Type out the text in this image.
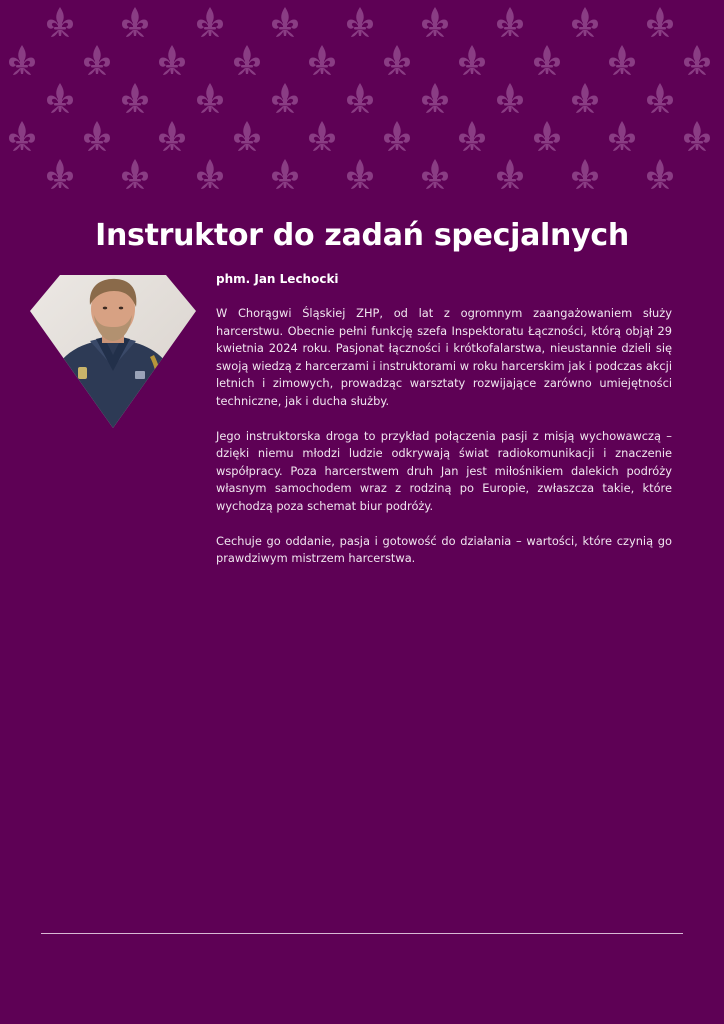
Instruktor do zadań specjalnych
phm. Jan Lechocki

W Chorągwi Śląskiej ZHP, od lat z ogromnym zaangażowaniem służy harcerstwu. Obecnie pełni funkcję szefa Inspektoratu Łączności, którą objął 29 kwietnia 2024 roku. Pasjonat łączności i krótkofalarstwa, nieustannie dzieli się swoją wiedzą z harcerzami i instruktorami w roku harcerskim jak i podczas akcji letnich i zimowych, prowadząc warsztaty rozwijające zarówno umiejętności techniczne, jak i ducha służby.

Jego instruktorska droga to przykład połączenia pasji z misją wychowawczą – dzięki niemu młodzi ludzie odkrywają świat radiokomunikacji i znaczenie współpracy. Poza harcerstwem druh Jan jest miłośnikiem dalekich podróży własnym samochodem wraz z rodziną po Europie, zwłaszcza takie, które wychodzą poza schemat biur podróży.

Cechuje go oddanie, pasja i gotowość do działania – wartości, które czynią go prawdziwym mistrzem harcerstwa.
